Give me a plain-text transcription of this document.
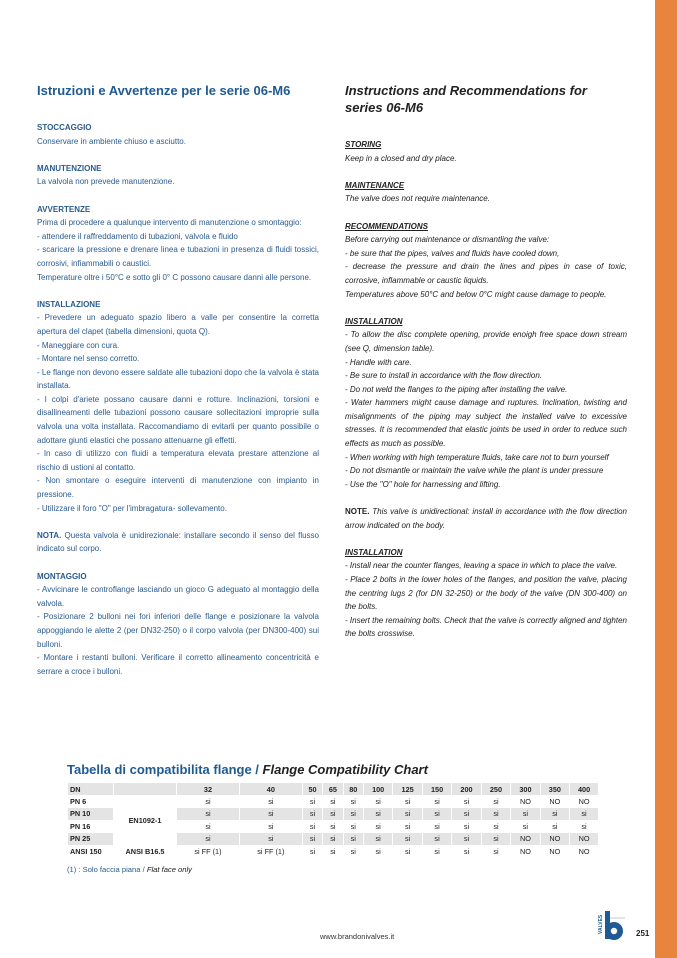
Istruzioni e Avvertenze per le serie 06-M6
STOCCAGGIO
Conservare in ambiente chiuso e asciutto.
MANUTENZIONE
La valvola non prevede manutenzione.
AVVERTENZE
Prima di procedere a qualunque intervento di manutenzione o smontaggio:
- attendere il raffreddamento di tubazioni, valvola e fluido
- scaricare la pressione e drenare linea e tubazioni in presenza di fluidi tossici, corrosivi, infiammabili o caustici.
Temperature oltre i 50°C e sotto gli 0° C possono causare danni alle persone.
INSTALLAZIONE
- Prevedere un adeguato spazio libero a valle per consentire la corretta apertura del clapet (tabella dimensioni, quota Q).
- Maneggiare con cura.
- Montare nel senso corretto.
- Le flange non devono essere saldate alle tubazioni dopo che la valvola è stata installata.
- I colpi d'ariete possano causare danni e rotture. Inclinazioni, torsioni e disallineamenti delle tubazioni possono causare sollecitazioni improprie sulla valvola una volta installata. Raccomandiamo di evitarli per quanto possibile o adottare giunti elastici che possano attenuarne gli effetti.
- In caso di utilizzo con fluidi a temperatura elevata prestare attenzione al rischio di ustioni al contatto.
- Non smontare o eseguire interventi di manutenzione con impianto in pressione.
- Utilizzare il foro "O" per l'imbragatura- sollevamento.
NOTA. Questa valvola è unidirezionale: installare secondo il senso del flusso indicato sul corpo.
MONTAGGIO
- Avvicinare le controflange lasciando un gioco G adeguato al montaggio della valvola.
- Posizionare 2 bulloni nei fori inferiori delle flange e posizionare la valvola appoggiando le alette 2 (per DN32-250) o il corpo valvola (per DN300-400) sui bulloni.
- Montare i restanti bulloni. Verificare il corretto allineamento concentricità e serrare a croce i bulloni.
Instructions and Recommendations for series 06-M6
STORING
Keep in a closed and dry place.
MAINTENANCE
The valve does not require maintenance.
RECOMMENDATIONS
Before carrying out maintenance or dismantling the valve:
- be sure that the pipes, valves and fluids have cooled down,
- decrease the pressure and drain the lines and pipes in case of toxic, corrosive, inflammable or caustic liquids.
Temperatures above 50°C and below 0°C might cause damage to people.
INSTALLATION
- To allow the disc complete opening, provide enoigh free space down stream (see Q, dimension table).
- Handle with care.
- Be sure to install in accordance with the flow direction.
- Do not weld the flanges to the piping after installing the valve.
- Water hammers might cause damage and ruptures. Inclination, twisting and misalignments of the piping may subject the installed valve to excessive stresses. It is recommended that elastic joints be used in order to reduce such effects as much as possible.
- When working with high temperature fluids, take care not to burn yourself
- Do not dismantle or maintain the valve while the plant is under pressure
- Use the "O" hole for harnessing and lifting.
NOTE. This valve is unidirectional: install in accordance with the flow direction arrow indicated on the body.
INSTALLATION
- Install near the counter flanges, leaving a space in which to place the valve.
- Place 2 bolts in the lower holes of the flanges, and position the valve, placing the centring lugs 2 (for DN 32-250) or the body of the valve (DN 300-400) on the bolts.
- Insert the remaining bolts. Check that the valve is correctly aligned and tighten the bolts crosswise.
Tabella di compatibilita flange / Flange Compatibility Chart
DN		32	40	50	65	80	100	125	150	200	250	300	350	400
PN 6	EN1092-1	si	si	si	si	si	si	si	si	si	si	NO	NO	NO
PN 10		si	si	si	si	si	si	si	si	si	si	si	si	si
PN 16		si	si	si	si	si	si	si	si	si	si	si	si	si
PN 25		si	si	si	si	si	si	si	si	si	si	NO	NO	NO
ANSI 150	ANSI B16.5	si FF (1)	si FF (1)	si	si	si	si	si	si	si	si	NO	NO	NO
(1) : Solo faccia piana / Flat face only
www.brandonivalves.it
VALVES	251
